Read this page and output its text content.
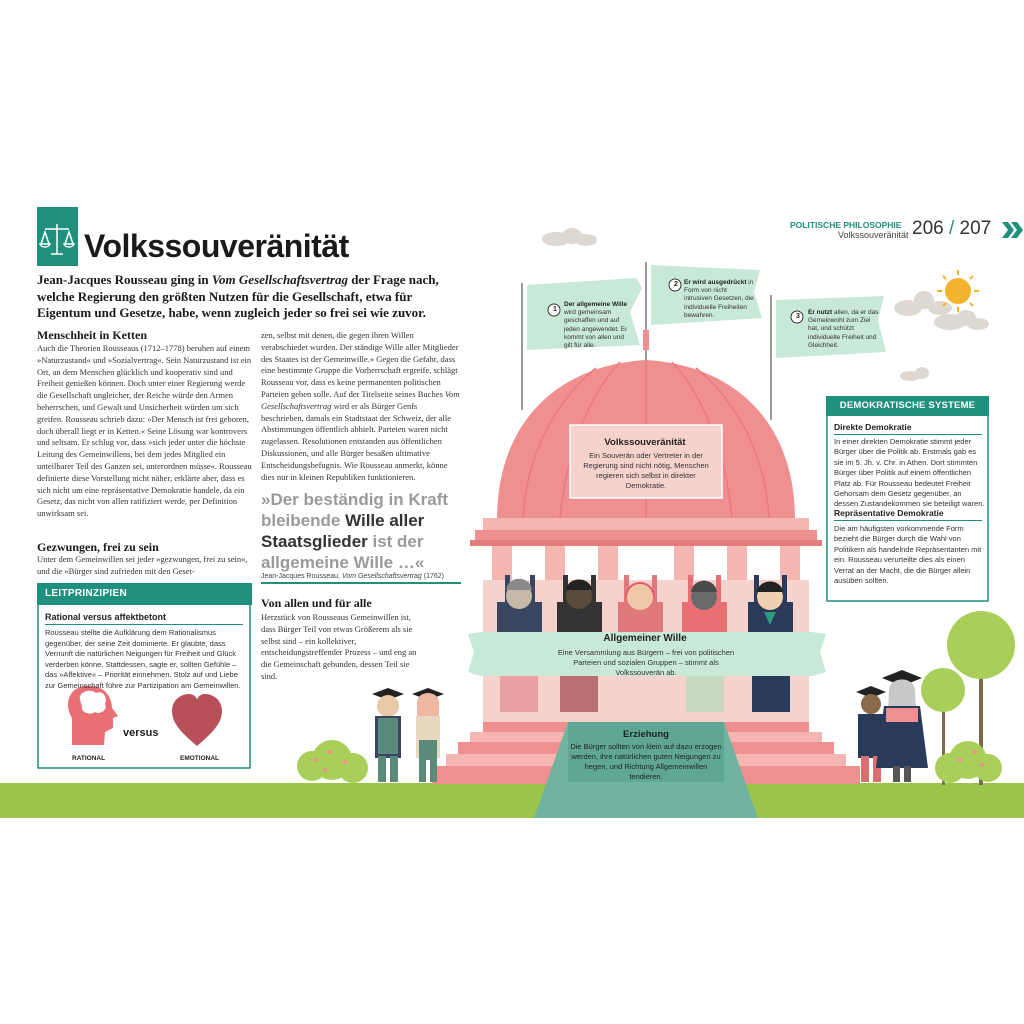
Volkssouveränität
Jean-Jacques Rousseau ging in Vom Gesellschaftsvertrag der Frage nach, welche Regierung den größten Nutzen für die Gesellschaft, etwa für Eigentum und Gesetze, habe, wenn zugleich jeder so frei sei wie zuvor.
Menschheit in Ketten

Auch die Theorien Rousseaus (1712–1778) beruhen auf einem »Naturzustand« und »Sozialvertrag«. Sein Naturzustand ist ein Ort, an dem Menschen glücklich und kooperativ sind und Freiheit genießen können. Doch unter einer Regierung werde die Gesellschaft ungleicher, der Reiche würde den Armen beherrschen, und Gewalt und Unsicherheit würden um sich greifen. Rousseau schrieb dazu: »Der Mensch ist frei geboren, doch überall liegt er in Ketten.« Seine Lösung war kontrovers und seltsam. Er schlug vor, dass »sich jeder unter die höchste Leitung des Gemeinwillens, bei dem jedes Mitglied ein unteilbarer Teil des Ganzen sei, unterordnen müsse«. Rousseau definierte diese Vorstellung nicht näher, erklärte aber, dass es sich nicht um eine repräsentative Demokratie handele, da ein Gesetz, das nicht von allen ratifiziert werde, per Definition unwirksam sei.

Gezwungen, frei zu sein

Unter dem Gemeinwillen sei jeder »gezwungen, frei zu sein«, und die »Bürger sind zufrieden mit den Geset-

zen, selbst mit denen, die gegen ihren Willen verabschiedet wurden. Der ständige Wille aller Mitglieder des Staates ist der Gemeinwille.« Gegen die Gefahr, dass eine bestimmte Gruppe die Vorherrschaft ergreife, schlägt Rousseau vor, dass es keine permanenten politischen Parteien geben solle. Auf der Titelseite seines Buches Vom Gesellschaftsvertrag wird er als Bürger Genfs beschrieben, damals ein Stadtstaat der Schweiz, der alle Abstimmungen öffentlich abhielt. Parteien waren nicht zugelassen. Resolutionen entstanden aus öffentlichen Diskussionen, und alle Bürger besaßen ultimative Entscheidungsbefugnis. Wie Rousseau anmerkt, könne dies nur in kleinen Republiken funktionieren.

»Der beständig in Kraft bleibende Wille aller Staatsglieder ist der allgemeine Wille …«
Jean-Jacques Rousseau, Vom Gesellschaftsvertrag (1762)
Von allen und für alle

Herzstück von Rousseaus Gemeinwillen ist, dass Bürger Teil von etwas Größerem als sie selbst sind – ein kollektiver, entscheidungstreffender Prozess – und eng an die Gemeinschaft gebunden, dessen Teil sie sind.

LEITPRINZIPIEN
Rational versus affektbetont
Rousseau stellte die Aufklärung dem Rationalismus gegenüber, der seine Zeit dominierte. Er glaubte, dass Vernunft die natürlichen Neigungen für Freiheit und Glück verderben könne. Stattdessen, sagte er, sollten Gefühle – das »Affektive« – Priorität einnehmen. Stolz auf und Liebe zur Gemeinschaft führe zur Partizipation am Gemeinwillen.
versus
RATIONAL	EMOTIONAL
POLITISCHE PHILOSOPHIE
Volkssouveränität 206 / 207
1
Der allgemeine Wille wird gemeinsam geschaffen und auf jeden angewendet. Er kommt von allen und gilt für alle.
2 Er wird ausgedrückt in Form von nicht intrusiven Gesetzen, die individuelle Freiheiten bewahren.	3
Er nutzt allen, da er das Gemeinwohl zum Ziel hat, und schützt individuelle Freiheit und Gleichheit.
Volkssouveränität
Ein Souverän oder Vertreter in der Regierung sind nicht nötig, Menschen regieren sich selbst in direkter Demokratie.
Allgemeiner Wille
Eine Versammlung aus Bürgern – frei von politischen Parteien und sozialen Gruppen – stimmt als Volkssouverän ab.
Erziehung
Die Bürger sollten von klein auf dazu erzogen werden, ihre natürlichen guten Neigungen zu hegen, und Richtung Allgemeinwillen tendieren.
DEMOKRATISCHE SYSTEME
Direkte Demokratie
In einer direkten Demokratie stimmt jeder Bürger über die Politik ab. Erstmals gab es sie im 5. Jh. v. Chr. in Athen. Dort stimmten Bürger über Politik auf einem öffentlichen Platz ab. Für Rousseau bedeutet Freiheit Gehorsam dem Gesetz gegenüber, an dessen Zustandekommen sie beteiligt waren.
Repräsentative Demokratie
Die am häufigsten vorkommende Form bezieht die Bürger durch die Wahl von Politikern als handelnde Repräsentanten mit ein. Rousseau verurteilte dies als einen Verrat an der Macht, die die Bürger allein ausüben sollten.
